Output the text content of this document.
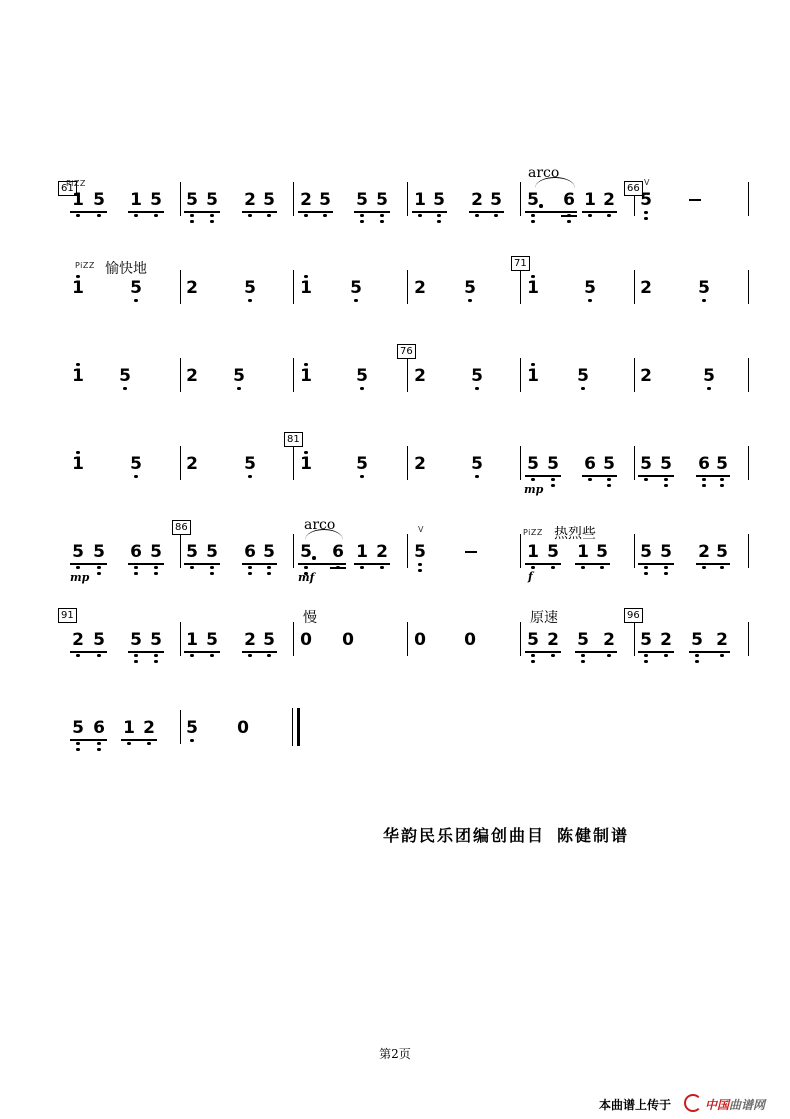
61	66
1 5 1 5 5 5 2 5 2 5 5 5 1 5 2 5 5 6 1 2 5
V
PiZZ
arco
71
1	5	2	5	1 5	2 5	1	5	2	5
PiZZ 愉快地
76
1 5	2 5	1	5	2	5	1 5	2	5
81
1	5	2	5	1	5	2	5	5 5 6 5 5 5 6 5
mp
86
5 5 6 5 5 5 6 5 5 6 1 2 5	1 5 1 5 5 5 2 5
V	PiZZ
arco
热烈些
mp	mf	f
91	96
2 5 5 5 1 5 2 5 0 0	0 0	5 2 5 2 5 2 5 2
慢	原速
5 6 1 2 5 0
华韵民乐团编创曲目 陈健制谱
第2页
本曲谱上传于	中国曲谱网
